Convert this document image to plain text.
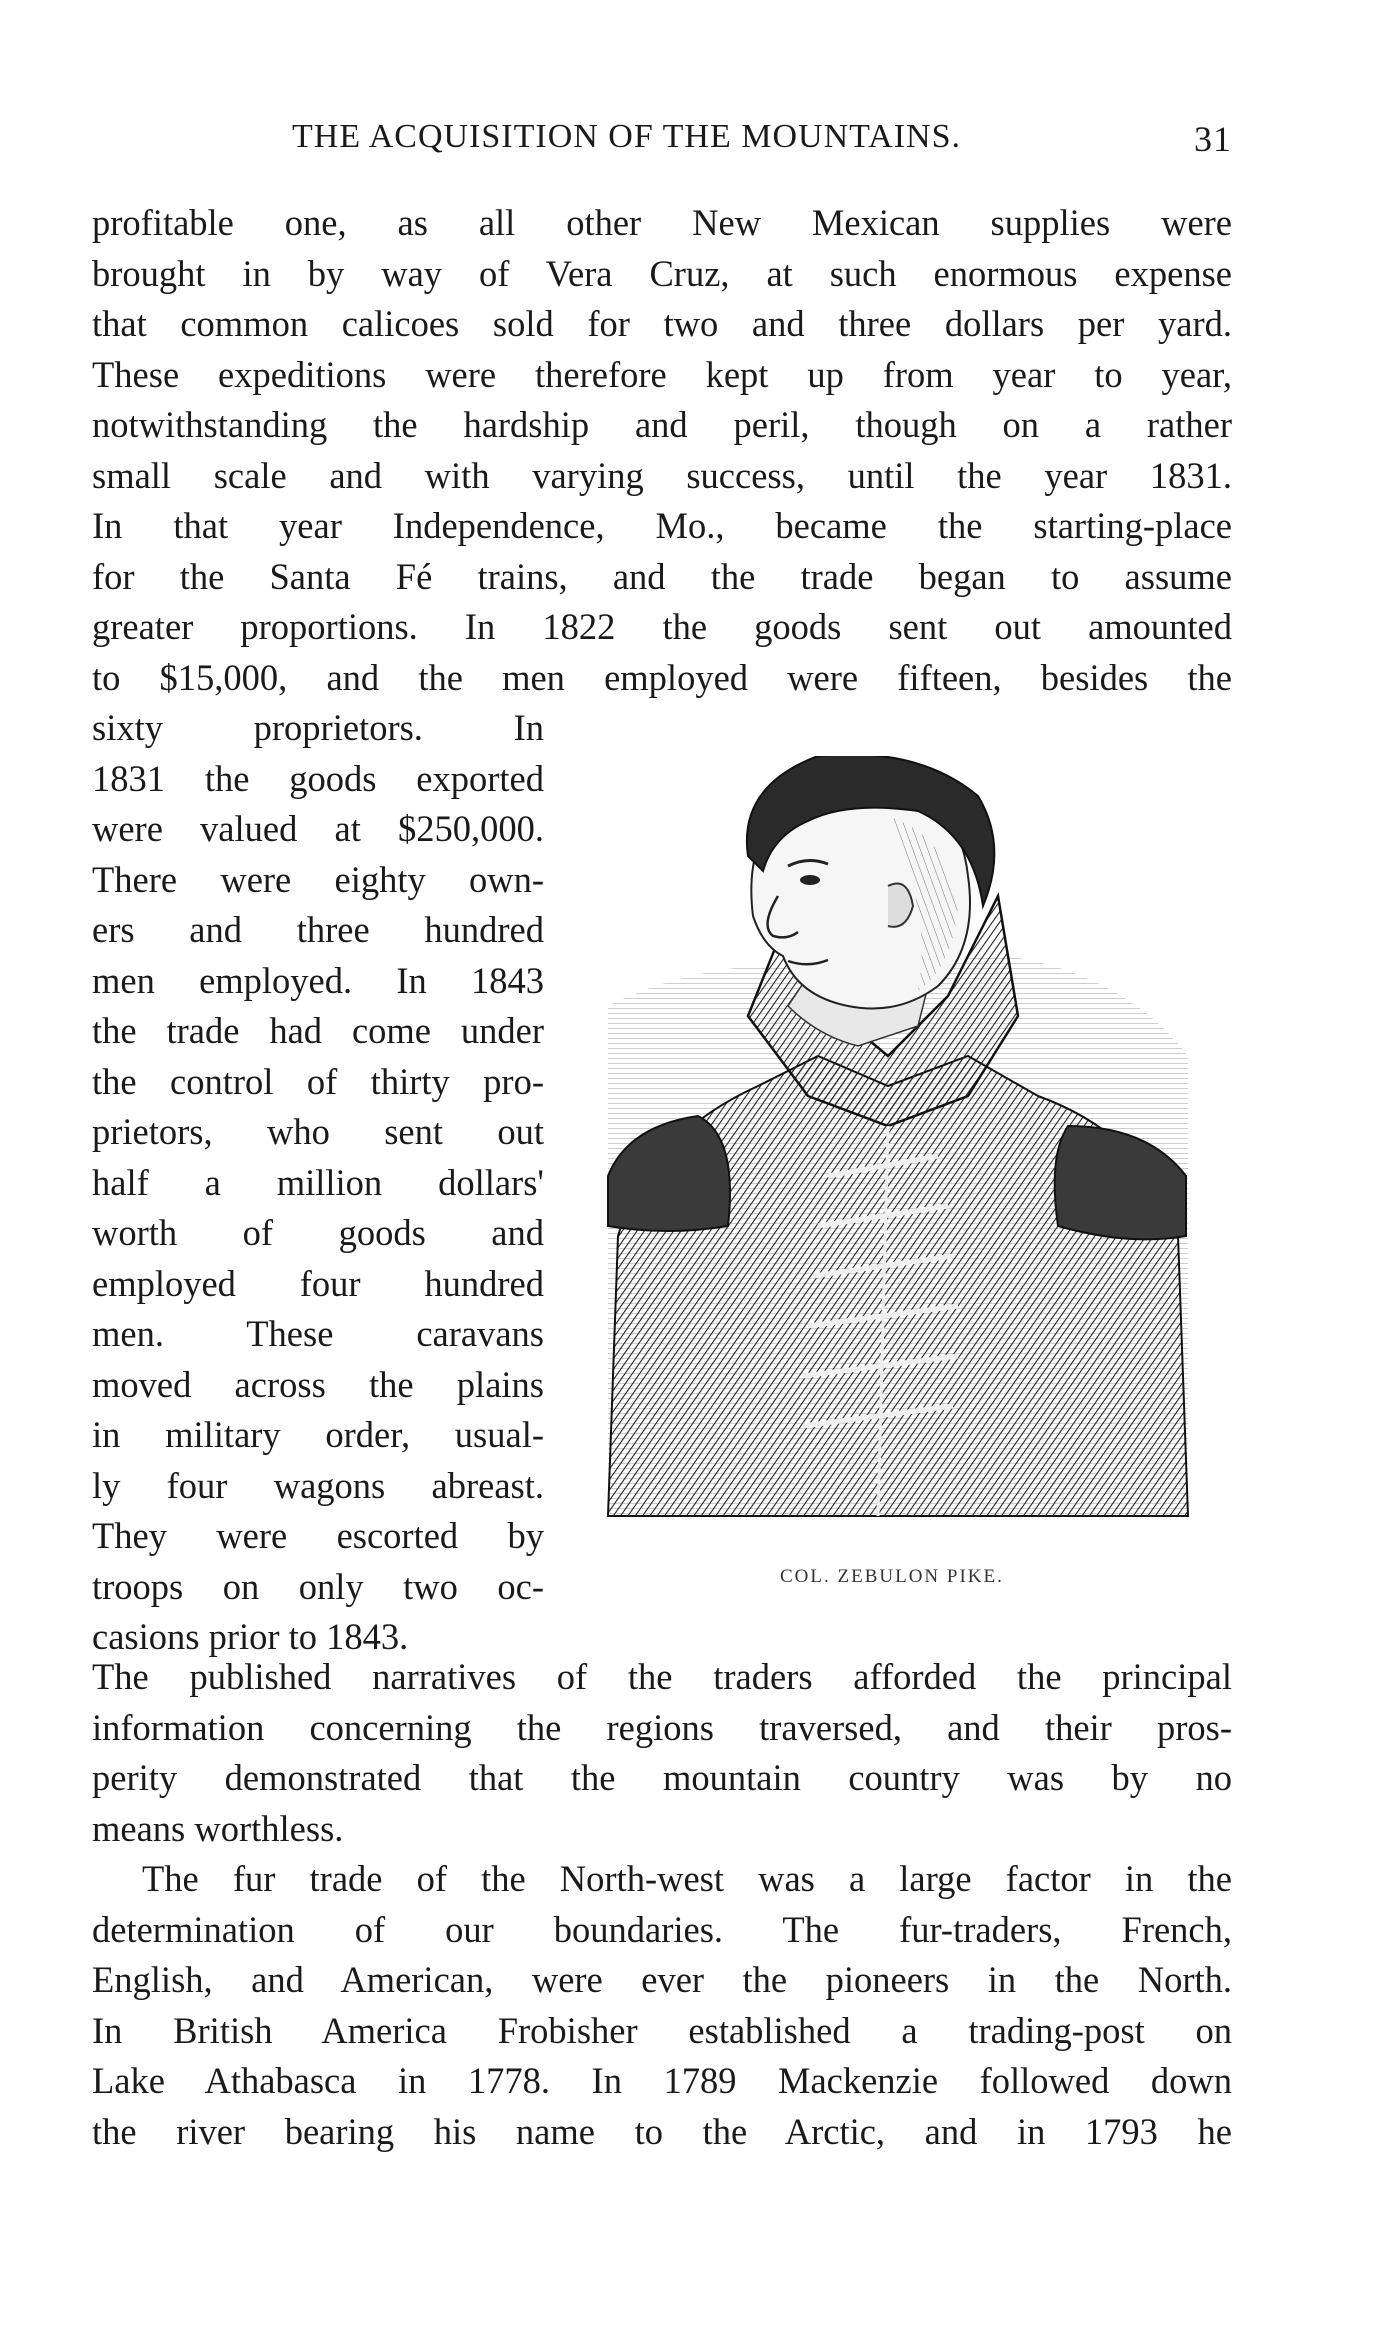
THE ACQUISITION OF THE MOUNTAINS.	31
profitable one, as all other New Mexican supplies were
brought in by way of Vera Cruz, at such enormous expense
that common calicoes sold for two and three dollars per yard.
These expeditions were therefore kept up from year to year,
notwithstanding the hardship and peril, though on a rather
small scale and with varying success, until the year 1831.
In that year Independence, Mo., became the starting-place
for the Santa Fé trains, and the trade began to assume
greater proportions. In 1822 the goods sent out amounted
to $15,000, and the men employed were fifteen, besides the
sixty proprietors. In
1831 the goods exported
were valued at $250,000.
There were eighty own-
ers and three hundred
men employed. In 1843
the trade had come under
the control of thirty pro-
prietors, who sent out
half a million dollars'
worth of goods and
employed four hundred
men. These caravans
moved across the plains
in military order, usual-
ly four wagons abreast.
They were escorted by
troops on only two oc-
casions prior to 1843.
COL. ZEBULON PIKE.
The published narratives of the traders afforded the principal
information concerning the regions traversed, and their pros-
perity demonstrated that the mountain country was by no
means worthless.
The fur trade of the North-west was a large factor in the
determination of our boundaries. The fur-traders, French,
English, and American, were ever the pioneers in the North.
In British America Frobisher established a trading-post on
Lake Athabasca in 1778. In 1789 Mackenzie followed down
the river bearing his name to the Arctic, and in 1793 he
